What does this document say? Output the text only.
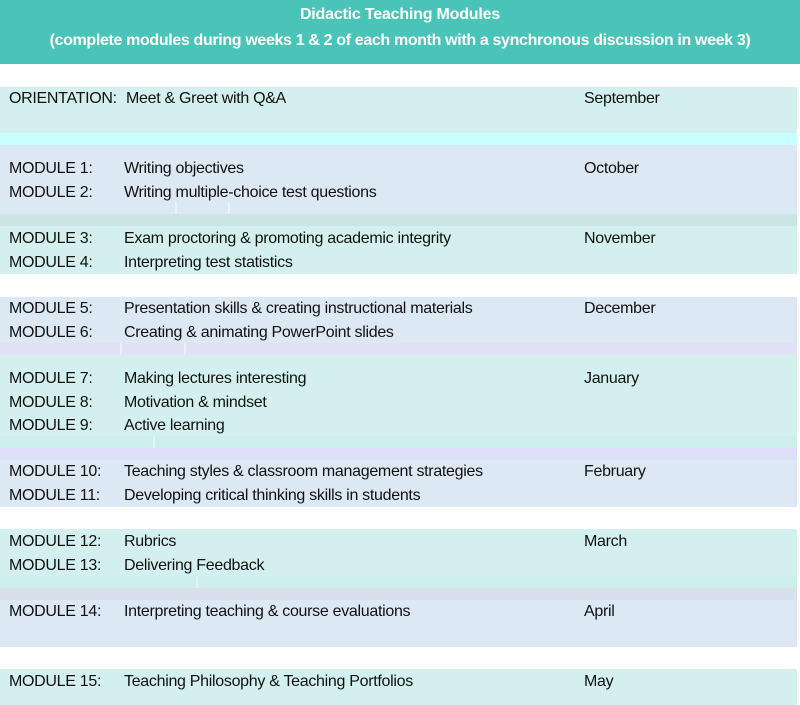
Didactic Teaching Modules
(complete modules during weeks 1 & 2 of each month with a synchronous discussion in week 3)
ORIENTATION: Meet & Greet with Q&A	September
MODULE 1: Writing objectives	October
MODULE 2: Writing multiple-choice test questions
MODULE 3: Exam proctoring & promoting academic integrity	November
MODULE 4: Interpreting test statistics
MODULE 5: Presentation skills & creating instructional materials	December
MODULE 6: Creating & animating PowerPoint slides
MODULE 7: Making lectures interesting	January
MODULE 8: Motivation & mindset
MODULE 9: Active learning
MODULE 10: Teaching styles & classroom management strategies	February
MODULE 11: Developing critical thinking skills in students
MODULE 12: Rubrics	March
MODULE 13: Delivering Feedback
MODULE 14: Interpreting teaching & course evaluations	April
MODULE 15: Teaching Philosophy & Teaching Portfolios	May
